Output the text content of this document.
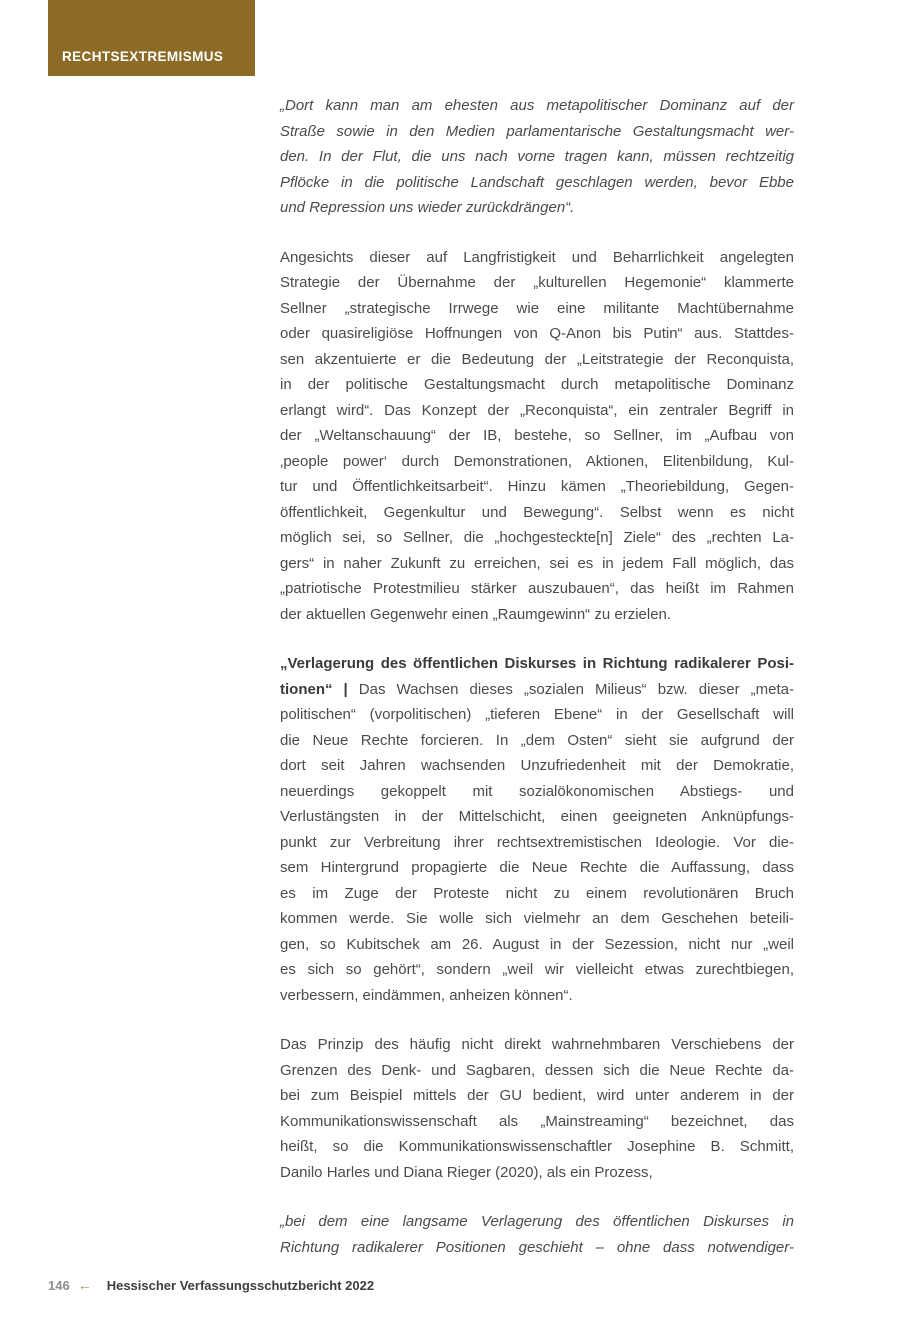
RECHTSEXTREMISMUS
„Dort kann man am ehesten aus metapolitischer Dominanz auf der
Straße sowie in den Medien parlamentarische Gestaltungsmacht wer-
den. In der Flut, die uns nach vorne tragen kann, müssen rechtzeitig
Pflöcke in die politische Landschaft geschlagen werden, bevor Ebbe
und Repression uns wieder zurückdrängen“.
Angesichts dieser auf Langfristigkeit und Beharrlichkeit angelegten
Strategie der Übernahme der „kulturellen Hegemonie“ klammerte
Sellner „strategische Irrwege wie eine militante Machtübernahme
oder quasireligiöse Hoffnungen von Q-Anon bis Putin“ aus. Stattdes-
sen akzentuierte er die Bedeutung der „Leitstrategie der Reconquista,
in der politische Gestaltungsmacht durch metapolitische Dominanz
erlangt wird“. Das Konzept der „Reconquista“, ein zentraler Begriff in
der „Weltanschauung“ der IB, bestehe, so Sellner, im „Aufbau von
‚people power‘ durch Demonstrationen, Aktionen, Elitenbildung, Kul-
tur und Öffentlichkeitsarbeit“. Hinzu kämen „Theoriebildung, Gegen-
öffentlichkeit, Gegenkultur und Bewegung“. Selbst wenn es nicht
möglich sei, so Sellner, die „hochgesteckte[n] Ziele“ des „rechten La-
gers“ in naher Zukunft zu erreichen, sei es in jedem Fall möglich, das
„patriotische Protestmilieu stärker auszubauen“, das heißt im Rahmen
der aktuellen Gegenwehr einen „Raumgewinn“ zu erzielen.
„Verlagerung des öffentlichen Diskurses in Richtung radikalerer Posi-
tionen“ | Das Wachsen dieses „sozialen Milieus“ bzw. dieser „meta-
politischen“ (vorpolitischen) „tieferen Ebene“ in der Gesellschaft will
die Neue Rechte forcieren. In „dem Osten“ sieht sie aufgrund der
dort seit Jahren wachsenden Unzufriedenheit mit der Demokratie,
neuerdings gekoppelt mit sozialökonomischen Abstiegs- und
Verlustängsten in der Mittelschicht, einen geeigneten Anknüpfungs-
punkt zur Verbreitung ihrer rechtsextremistischen Ideologie. Vor die-
sem Hintergrund propagierte die Neue Rechte die Auffassung, dass
es im Zuge der Proteste nicht zu einem revolutionären Bruch
kommen werde. Sie wolle sich vielmehr an dem Geschehen beteili-
gen, so Kubitschek am 26. August in der Sezession, nicht nur „weil
es sich so gehört“, sondern „weil wir vielleicht etwas zurechtbiegen,
verbessern, eindämmen, anheizen können“.
Das Prinzip des häufig nicht direkt wahrnehmbaren Verschiebens der
Grenzen des Denk- und Sagbaren, dessen sich die Neue Rechte da-
bei zum Beispiel mittels der GU bedient, wird unter anderem in der
Kommunikationswissenschaft als „Mainstreaming“ bezeichnet, das
heißt, so die Kommunikationswissenschaftler Josephine B. Schmitt,
Danilo Harles und Diana Rieger (2020), als ein Prozess,
„bei dem eine langsame Verlagerung des öffentlichen Diskurses in
Richtung radikalerer Positionen geschieht – ohne dass notwendiger-
146 ← Hessischer Verfassungsschutzbericht 2022
